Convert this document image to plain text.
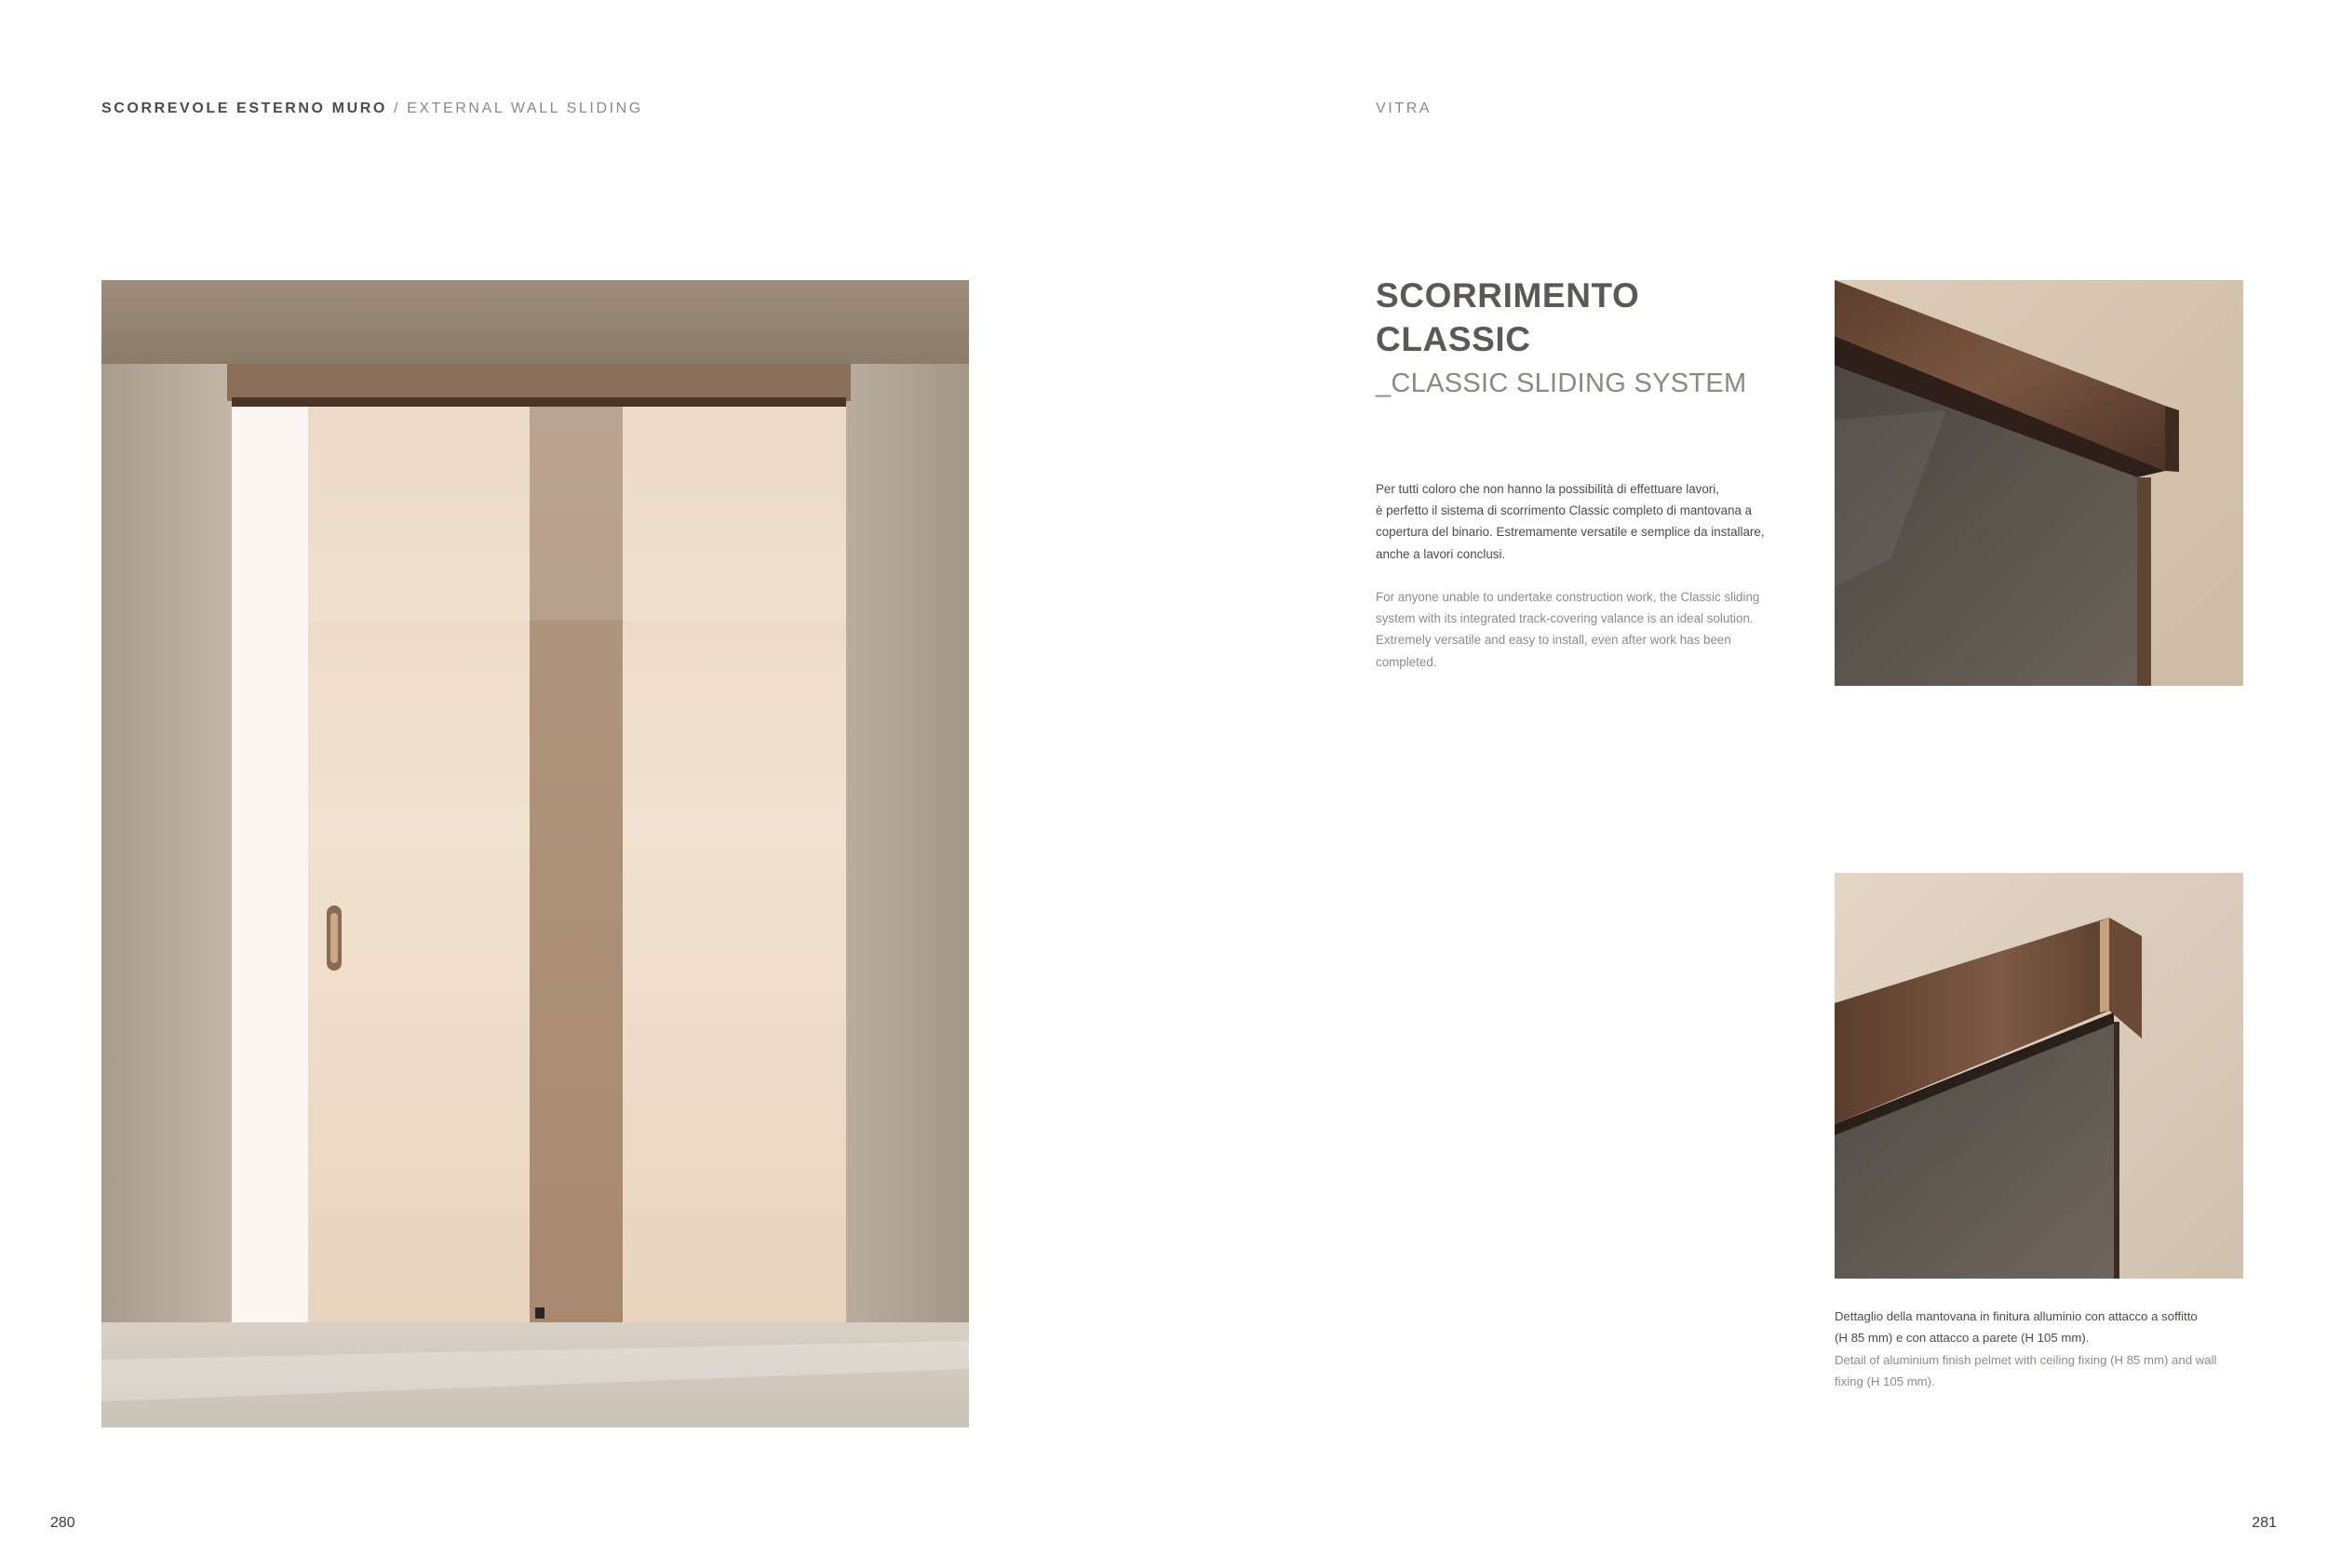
SCORREVOLE ESTERNO MURO / EXTERNAL WALL SLIDING	VITRA
SCORRIMENTO
CLASSIC
_CLASSIC SLIDING SYSTEM
Per tutti coloro che non hanno la possibilità di effettuare lavori,
è perfetto il sistema di scorrimento Classic completo di mantovana a
copertura del binario. Estremamente versatile e semplice da installare,
anche a lavori conclusi.
For anyone unable to undertake construction work, the Classic sliding
system with its integrated track-covering valance is an ideal solution.
Extremely versatile and easy to install, even after work has been
completed.
Dettaglio della mantovana in finitura alluminio con attacco a soffitto
(H 85 mm) e con attacco a parete (H 105 mm).
Detail of aluminium finish pelmet with ceiling fixing (H 85 mm) and wall
fixing (H 105 mm).
280	281
